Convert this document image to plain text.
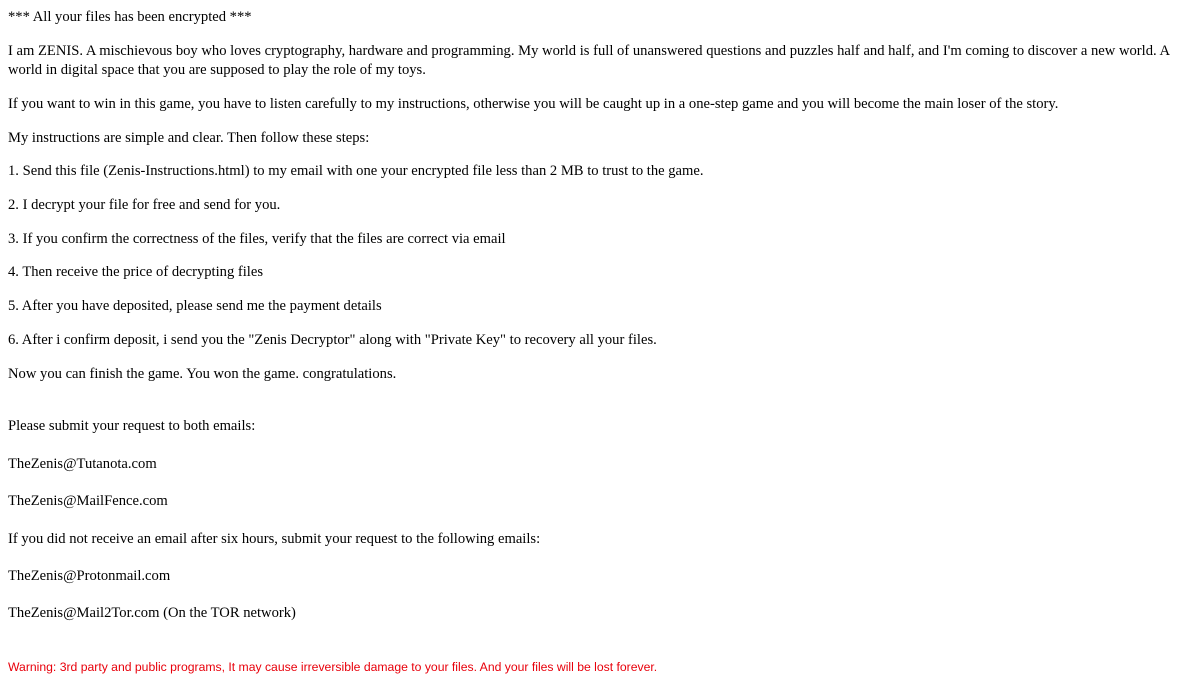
*** All your files has been encrypted ***
I am ZENIS. A mischievous boy who loves cryptography, hardware and programming. My world is full of unanswered questions and puzzles half and half, and I'm coming to discover a new world. A world in digital space that you are supposed to play the role of my toys.
If you want to win in this game, you have to listen carefully to my instructions, otherwise you will be caught up in a one-step game and you will become the main loser of the story.
My instructions are simple and clear. Then follow these steps:
1. Send this file (Zenis-Instructions.html) to my email with one your encrypted file less than 2 MB to trust to the game.
2. I decrypt your file for free and send for you.
3. If you confirm the correctness of the files, verify that the files are correct via email
4. Then receive the price of decrypting files
5. After you have deposited, please send me the payment details
6. After i confirm deposit, i send you the "Zenis Decryptor" along with "Private Key" to recovery all your files.
Now you can finish the game. You won the game. congratulations.
Please submit your request to both emails:
TheZenis@Tutanota.com
TheZenis@MailFence.com
If you did not receive an email after six hours, submit your request to the following emails:
TheZenis@Protonmail.com
TheZenis@Mail2Tor.com (On the TOR network)
Warning: 3rd party and public programs, It may cause irreversible damage to your files. And your files will be lost forever.
